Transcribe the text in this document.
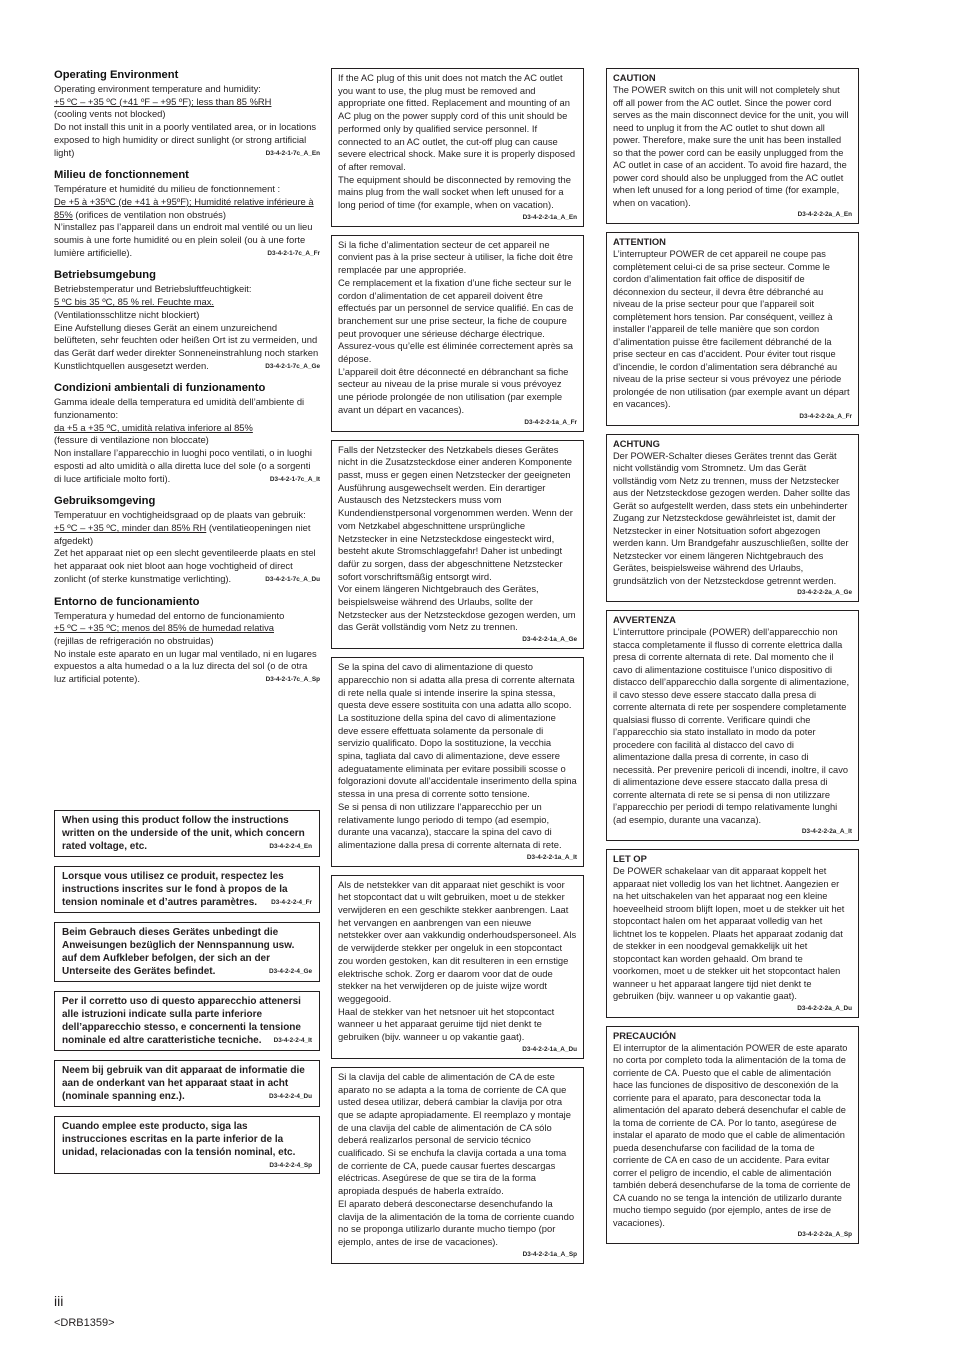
Operating Environment

Operating environment temperature and humidity:
+5 ºC – +35 ºC (+41 ºF – +95 ºF); less than 85 %RH
(cooling vents not blocked)
Do not install this unit in a poorly ventilated area, or in locations exposed to high humidity or direct sunlight (or strong artificial light)	D3-4-2-1-7c_A_En

Milieu de fonctionnement

Température et humidité du milieu de fonctionnement :
De +5 à +35ºC (de +41 à +95ºF); Humidité relative inférieure à 85% (orifices de ventilation non obstrués)
N’installez pas l’appareil dans un endroit mal ventilé ou un lieu soumis à une forte humidité ou en plein soleil (ou à une forte lumière artificielle).	D3-4-2-1-7c_A_Fr

Betriebsumgebung

Betriebstemperatur und Betriebsluftfeuchtigkeit:
5 ºC bis 35 ºC, 85 % rel. Feuchte max.
(Ventilationsschlitze nicht blockiert)
Eine Aufstellung dieses Gerät an einem unzureichend belüfteten, sehr feuchten oder heißen Ort ist zu vermeiden, und das Gerät darf weder direkter Sonneneinstrahlung noch starken Kunstlichtquellen ausgesetzt werden.	D3-4-2-1-7c_A_Ge

Condizioni ambientali di funzionamento

Gamma ideale della temperatura ed umidità dell’ambiente di funzionamento:
da +5 a +35 ºC, umidità relativa inferiore al 85%
(fessure di ventilazione non bloccate)
Non installare l’apparecchio in luoghi poco ventilati, o in luoghi esposti ad alto umidità o alla diretta luce del sole (o a sorgenti di luce artificiale molto forti).	D3-4-2-1-7c_A_It

Gebruiksomgeving

Temperatuur en vochtigheidsgraad op de plaats van gebruik:
+5 ºC – +35 ºC, minder dan 85% RH (ventilatieopeningen niet afgedekt)
Zet het apparaat niet op een slecht geventileerde plaats en stel het apparaat ook niet bloot aan hoge vochtigheid of direct zonlicht (of sterke kunstmatige verlichting).	D3-4-2-1-7c_A_Du

Entorno de funcionamiento

Temperatura y humedad del entorno de funcionamiento
+5 ºC – +35 ºC; menos del 85% de humedad relativa
(rejillas de refrigeración no obstruidas)
No instale este aparato en un lugar mal ventilado, ni en lugares expuestos a alta humedad o a la luz directa del sol (o de otra luz artificial potente).	D3-4-2-1-7c_A_Sp

When using this product follow the instructions written on the underside of the unit, which concern rated voltage, etc.	D3-4-2-2-4_En

Lorsque vous utilisez ce produit, respectez les instructions inscrites sur le fond à propos de la tension nominale et d’autres paramètres.	D3-4-2-2-4_Fr

Beim Gebrauch dieses Gerätes unbedingt die Anweisungen bezüglich der Nennspannung usw. auf dem Aufkleber befolgen, der sich an der Unterseite des Gerätes befindet.	D3-4-2-2-4_Ge

Per il corretto uso di questo apparecchio attenersi alle istruzioni indicate sulla parte inferiore dell’apparecchio stesso, e concernenti la tensione nominale ed altre caratteristiche tecniche.	D3-4-2-2-4_It

Neem bij gebruik van dit apparaat de informatie die aan de onderkant van het apparaat staat in acht (nominale spanning enz.).	D3-4-2-2-4_Du

Cuando emplee este producto, siga las instrucciones escritas en la parte inferior de la unidad, relacionadas con la tensión nominal, etc.
D3-4-2-2-4_Sp

If the AC plug of this unit does not match the AC outlet you want to use, the plug must be removed and appropriate one fitted. Replacement and mounting of an AC plug on the power supply cord of this unit should be performed only by qualified service personnel. If connected to an AC outlet, the cut-off plug can cause severe electrical shock. Make sure it is properly disposed of after removal.
The equipment should be disconnected by removing the mains plug from the wall socket when left unused for a long period of time (for example, when on vacation).

D3-4-2-2-1a_A_En

Si la fiche d’alimentation secteur de cet appareil ne convient pas à la prise secteur à utiliser, la fiche doit être remplacée par une appropriée.
Ce remplacement et la fixation d’une fiche secteur sur le cordon d’alimentation de cet appareil doivent être effectués par un personnel de service qualifié. En cas de branchement sur une prise secteur, la fiche de coupure peut provoquer une sérieuse décharge électrique. Assurez-vous qu’elle est éliminée correctement après sa dépose.
L’appareil doit être déconnecté en débranchant sa fiche secteur au niveau de la prise murale si vous prévoyez une période prolongée de non utilisation (par exemple avant un départ en vacances).

D3-4-2-2-1a_A_Fr

Falls der Netzstecker des Netzkabels dieses Gerätes nicht in die Zusatzsteckdose einer anderen Komponente passt, muss er gegen einen Netzstecker der geeigneten Ausführung ausgewechselt werden. Ein derartiger Austausch des Netzsteckers muss vom Kundendienstpersonal vorgenommen werden. Wenn der vom Netzkabel abgeschnittene ursprüngliche Netzstecker in eine Netzsteckdose eingesteckt wird, besteht akute Stromschlaggefahr! Daher ist unbedingt dafür zu sorgen, dass der abgeschnittene Netzstecker sofort vorschriftsmäßig entsorgt wird.
Vor einem längeren Nichtgebrauch des Gerätes, beispielsweise während des Urlaubs, sollte der Netzstecker aus der Netzsteckdose gezogen werden, um das Gerät vollständig vom Netz zu trennen.

D3-4-2-2-1a_A_Ge

Se la spina del cavo di alimentazione di questo apparecchio non si adatta alla presa di corrente alternata di rete nella quale si intende inserire la spina stessa, questa deve essere sostituita con una adatta allo scopo. La sostituzione della spina del cavo di alimentazione deve essere effettuata solamente da personale di servizio qualificato. Dopo la sostituzione, la vecchia spina, tagliata dal cavo di alimentazione, deve essere adeguatamente eliminata per evitare possibili scosse o folgorazioni dovute all’accidentale inserimento della spina stessa in una presa di corrente sotto tensione.
Se si pensa di non utilizzare l’apparecchio per un relativamente lungo periodo di tempo (ad esempio, durante una vacanza), staccare la spina del cavo di alimentazione dalla presa di corrente alternata di rete.

D3-4-2-2-1a_A_It

Als de netstekker van dit apparaat niet geschikt is voor het stopcontact dat u wilt gebruiken, moet u de stekker verwijderen en een geschikte stekker aanbrengen. Laat het vervangen en aanbrengen van een nieuwe netstekker over aan vakkundig onderhoudspersoneel. Als de verwijderde stekker per ongeluk in een stopcontact zou worden gestoken, kan dit resulteren in een ernstige elektrische schok. Zorg er daarom voor dat de oude stekker na het verwijderen op de juiste wijze wordt weggegooid.
Haal de stekker van het netsnoer uit het stopcontact wanneer u het apparaat geruime tijd niet denkt te gebruiken (bijv. wanneer u op vakantie gaat).

D3-4-2-2-1a_A_Du

Si la clavija del cable de alimentación de CA de este aparato no se adapta a la toma de corriente de CA que usted desea utilizar, deberá cambiar la clavija por otra que se adapte apropiadamente. El reemplazo y montaje de una clavija del cable de alimentación de CA sólo deberá realizarlos personal de servicio técnico cualificado. Si se enchufa la clavija cortada a una toma de corriente de CA, puede causar fuertes descargas eléctricas. Asegúrese de que se tira de la forma apropiada después de haberla extraído.
El aparato deberá desconectarse desenchufando la clavija de la alimentación de la toma de corriente cuando no se proponga utilizarlo durante mucho tiempo (por ejemplo, antes de irse de vacaciones).

D3-4-2-2-1a_A_Sp
CAUTION

The POWER switch on this unit will not completely shut off all power from the AC outlet. Since the power cord serves as the main disconnect device for the unit, you will need to unplug it from the AC outlet to shut down all power. Therefore, make sure the unit has been installed so that the power cord can be easily unplugged from the AC outlet in case of an accident. To avoid fire hazard, the power cord should also be unplugged from the AC outlet when left unused for a long period of time (for example, when on vacation).

D3-4-2-2-2a_A_En
ATTENTION

L’interrupteur POWER de cet appareil ne coupe pas complètement celui-ci de sa prise secteur. Comme le cordon d’alimentation fait office de dispositif de déconnexion du secteur, il devra être débranché au niveau de la prise secteur pour que l’appareil soit complètement hors tension. Par conséquent, veillez à installer l’appareil de telle manière que son cordon d’alimentation puisse être facilement débranché de la prise secteur en cas d’accident. Pour éviter tout risque d’incendie, le cordon d’alimentation sera débranché au niveau de la prise secteur si vous prévoyez une période prolongée de non utilisation (par exemple avant un départ en vacances).

D3-4-2-2-2a_A_Fr
ACHTUNG

Der POWER-Schalter dieses Gerätes trennt das Gerät nicht vollständig vom Stromnetz. Um das Gerät vollständig vom Netz zu trennen, muss der Netzstecker aus der Netzsteckdose gezogen werden. Daher sollte das Gerät so aufgestellt werden, dass stets ein unbehinderter Zugang zur Netzsteckdose gewährleistet ist, damit der Netzstecker in einer Notsituation sofort abgezogen werden kann. Um Brandgefahr auszuschließen, sollte der Netzstecker vor einem längeren Nichtgebrauch des Gerätes, beispielsweise während des Urlaubs, grundsätzlich von der Netzsteckdose getrennt werden.

D3-4-2-2-2a_A_Ge
AVVERTENZA

L’interruttore principale (POWER) dell’apparecchio non stacca completamente il flusso di corrente elettrica dalla presa di corrente alternata di rete. Dal momento che il cavo di alimentazione costituisce l’unico dispositivo di distacco dell’apparecchio dalla sorgente di alimentazione, il cavo stesso deve essere staccato dalla presa di corrente alternata di rete per sospendere completamente qualsiasi flusso di corrente. Verificare quindi che l’apparecchio sia stato installato in modo da poter procedere con facilità al distacco del cavo di alimentazione dalla presa di corrente, in caso di necessità. Per prevenire pericoli di incendi, inoltre, il cavo di alimentazione deve essere staccato dalla presa di corrente alternata di rete se si pensa di non utilizzare l’apparecchio per periodi di tempo relativamente lunghi (ad esempio, durante una vacanza).

D3-4-2-2-2a_A_It
LET OP

De POWER schakelaar van dit apparaat koppelt het apparaat niet volledig los van het lichtnet. Aangezien er na het uitschakelen van het apparaat nog een kleine hoeveelheid stroom blijft lopen, moet u de stekker uit het stopcontact halen om het apparaat volledig van het lichtnet los te koppelen. Plaats het apparaat zodanig dat de stekker in een noodgeval gemakkelijk uit het stopcontact kan worden gehaald. Om brand te voorkomen, moet u de stekker uit het stopcontact halen wanneer u het apparaat langere tijd niet denkt te gebruiken (bijv. wanneer u op vakantie gaat).

D3-4-2-2-2a_A_Du
PRECAUCIÓN

El interruptor de la alimentación POWER de este aparato no corta por completo toda la alimentación de la toma de corriente de CA. Puesto que el cable de alimentación hace las funciones de dispositivo de desconexión de la corriente para el aparato, para desconectar toda la alimentación del aparato deberá desenchufar el cable de la toma de corriente de CA. Por lo tanto, asegúrese de instalar el aparato de modo que el cable de alimentación pueda desenchufarse con facilidad de la toma de corriente de CA en caso de un accidente. Para evitar correr el peligro de incendio, el cable de alimentación también deberá desenchufarse de la toma de corriente de CA cuando no se tenga la intención de utilizarlo durante mucho tiempo seguido (por ejemplo, antes de irse de vacaciones).

D3-4-2-2-2a_A_Sp
iii
<DRB1359>
